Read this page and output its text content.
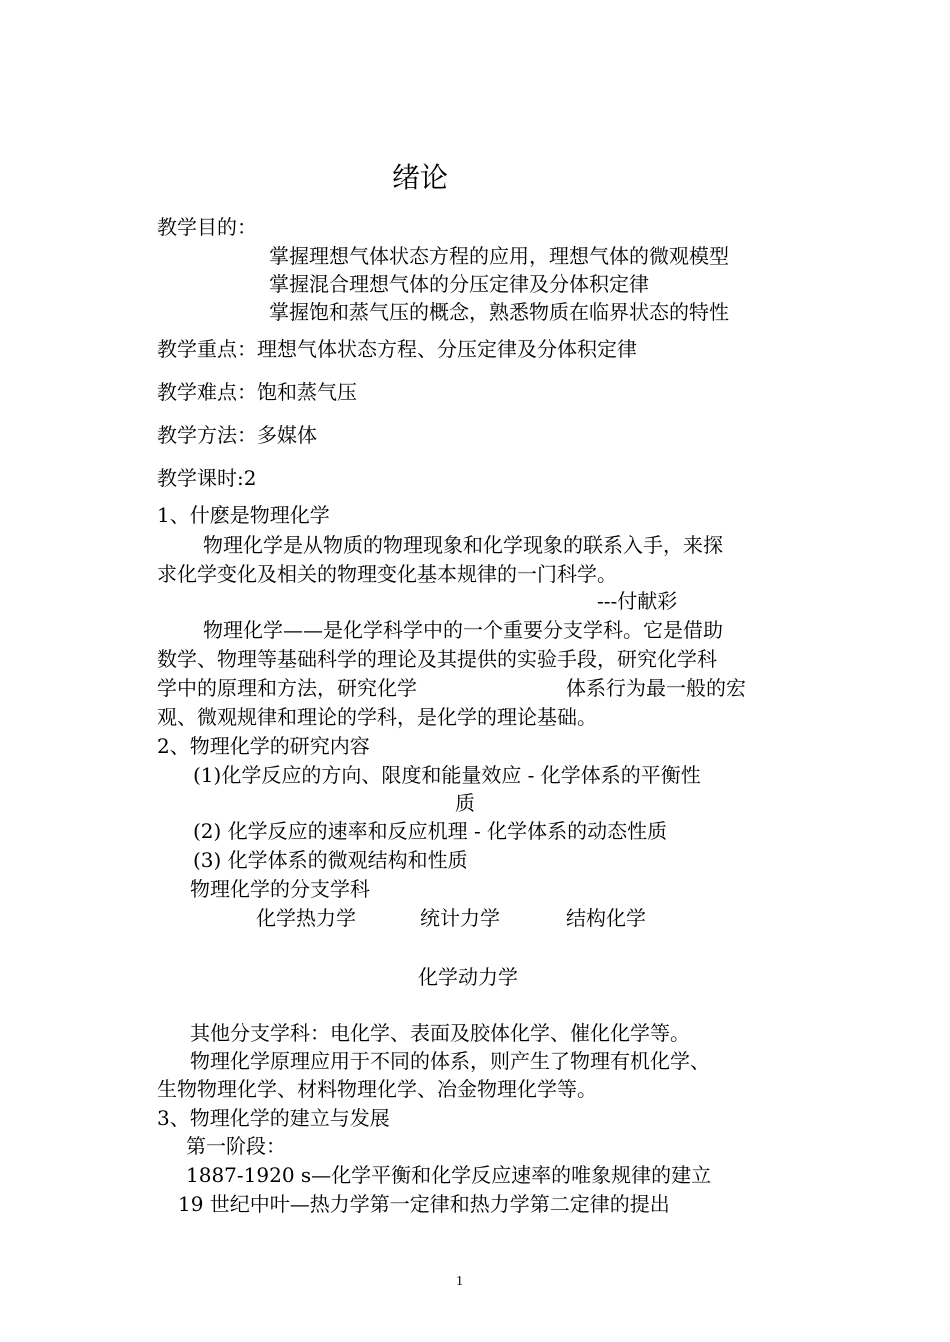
绪论
教学目的：
掌握理想气体状态方程的应用，理想气体的微观模型
掌握混合理想气体的分压定律及分体积定律
掌握饱和蒸气压的概念，熟悉物质在临界状态的特性
教学重点：理想气体状态方程、分压定律及分体积定律
教学难点：饱和蒸气压
教学方法：多媒体
教学课时:2
1、什麽是物理化学
物理化学是从物质的物理现象和化学现象的联系入手，来探
求化学变化及相关的物理变化基本规律的一门科学。
---付献彩
物理化学——是化学科学中的一个重要分支学科。它是借助
数学、物理等基础科学的理论及其提供的实验手段，研究化学科
学中的原理和方法，研究化学	体系行为最一般的宏
观、微观规律和理论的学科，是化学的理论基础。
2、物理化学的研究内容
(1)化学反应的方向、限度和能量效应 - 化学体系的平衡性
质
(2) 化学反应的速率和反应机理 - 化学体系的动态性质
(3) 化学体系的微观结构和性质
物理化学的分支学科
化学热力学	统计力学	结构化学
化学动力学
其他分支学科：电化学、表面及胶体化学、催化化学等。
物理化学原理应用于不同的体系，则产生了物理有机化学、
生物物理化学、材料物理化学、冶金物理化学等。
3、物理化学的建立与发展
第一阶段：
1887-1920 s—化学平衡和化学反应速率的唯象规律的建立
19 世纪中叶—热力学第一定律和热力学第二定律的提出
1
